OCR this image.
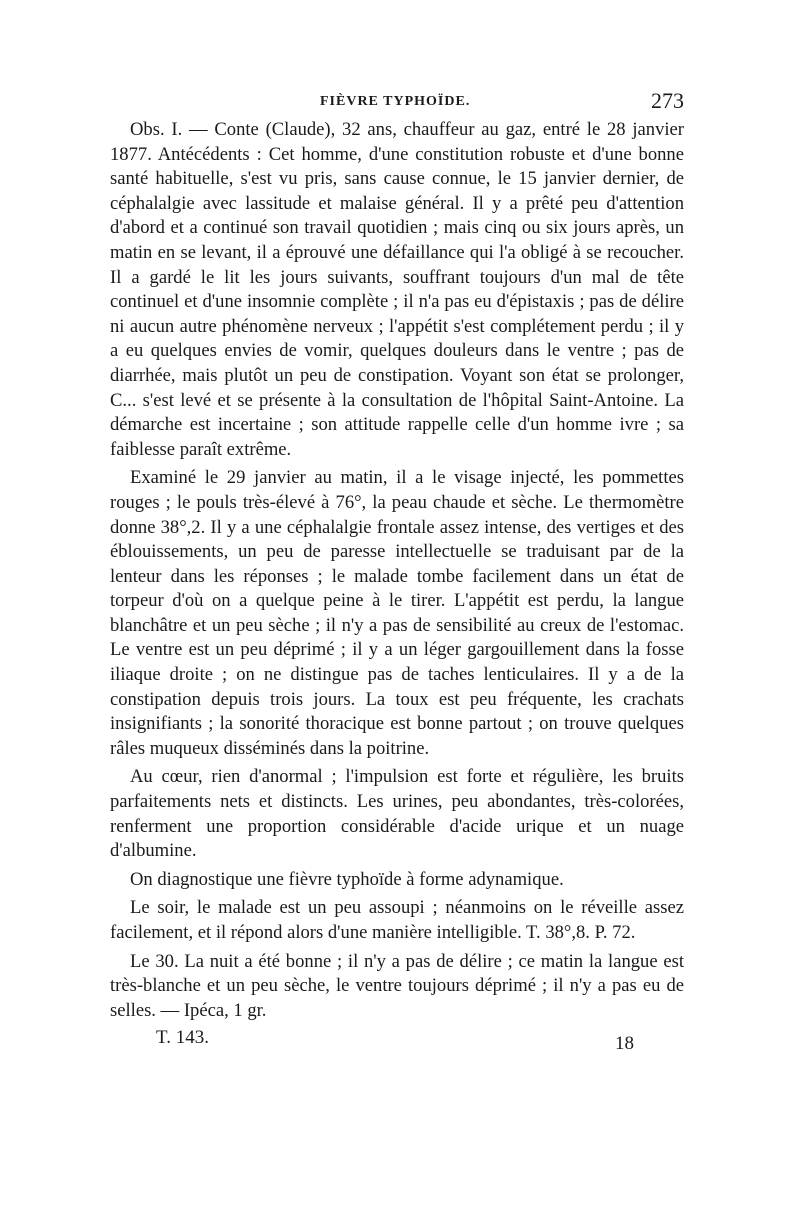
FIÈVRE TYPHOÏDE.	273

Obs. I. — Conte (Claude), 32 ans, chauffeur au gaz, entré le 28 janvier 1877. Antécédents : Cet homme, d'une constitution robuste et d'une bonne santé habituelle, s'est vu pris, sans cause connue, le 15 janvier dernier, de céphalalgie avec lassitude et malaise général. Il y a prêté peu d'attention d'abord et a continué son travail quotidien ; mais cinq ou six jours après, un matin en se levant, il a éprouvé une défaillance qui l'a obligé à se recoucher. Il a gardé le lit les jours suivants, souffrant toujours d'un mal de tête continuel et d'une insomnie complète ; il n'a pas eu d'épistaxis ; pas de délire ni aucun autre phénomène nerveux ; l'appétit s'est complétement perdu ; il y a eu quelques envies de vomir, quelques douleurs dans le ventre ; pas de diarrhée, mais plutôt un peu de constipation. Voyant son état se prolonger, C... s'est levé et se présente à la consultation de l'hôpital Saint-Antoine. La démarche est incertaine ; son attitude rappelle celle d'un homme ivre ; sa faiblesse paraît extrême.

Examiné le 29 janvier au matin, il a le visage injecté, les pommettes rouges ; le pouls très-élevé à 76°, la peau chaude et sèche. Le thermomètre donne 38°,2. Il y a une céphalalgie frontale assez intense, des vertiges et des éblouissements, un peu de paresse intellectuelle se traduisant par de la lenteur dans les réponses ; le malade tombe facilement dans un état de torpeur d'où on a quelque peine à le tirer. L'appétit est perdu, la langue blanchâtre et un peu sèche ; il n'y a pas de sensibilité au creux de l'estomac. Le ventre est un peu déprimé ; il y a un léger gargouillement dans la fosse iliaque droite ; on ne distingue pas de taches lenticulaires. Il y a de la constipation depuis trois jours. La toux est peu fréquente, les crachats insignifiants ; la sonorité thoracique est bonne partout ; on trouve quelques râles muqueux disséminés dans la poitrine.

Au cœur, rien d'anormal ; l'impulsion est forte et régulière, les bruits parfaitements nets et distincts. Les urines, peu abondantes, très-colorées, renferment une proportion considérable d'acide urique et un nuage d'albumine.

On diagnostique une fièvre typhoïde à forme adynamique.

Le soir, le malade est un peu assoupi ; néanmoins on le réveille assez facilement, et il répond alors d'une manière intelligible. T. 38°,8. P. 72.

Le 30. La nuit a été bonne ; il n'y a pas de délire ; ce matin la langue est très-blanche et un peu sèche, le ventre toujours déprimé ; il n'y a pas eu de selles. — Ipéca, 1 gr.

T. 143.	18
